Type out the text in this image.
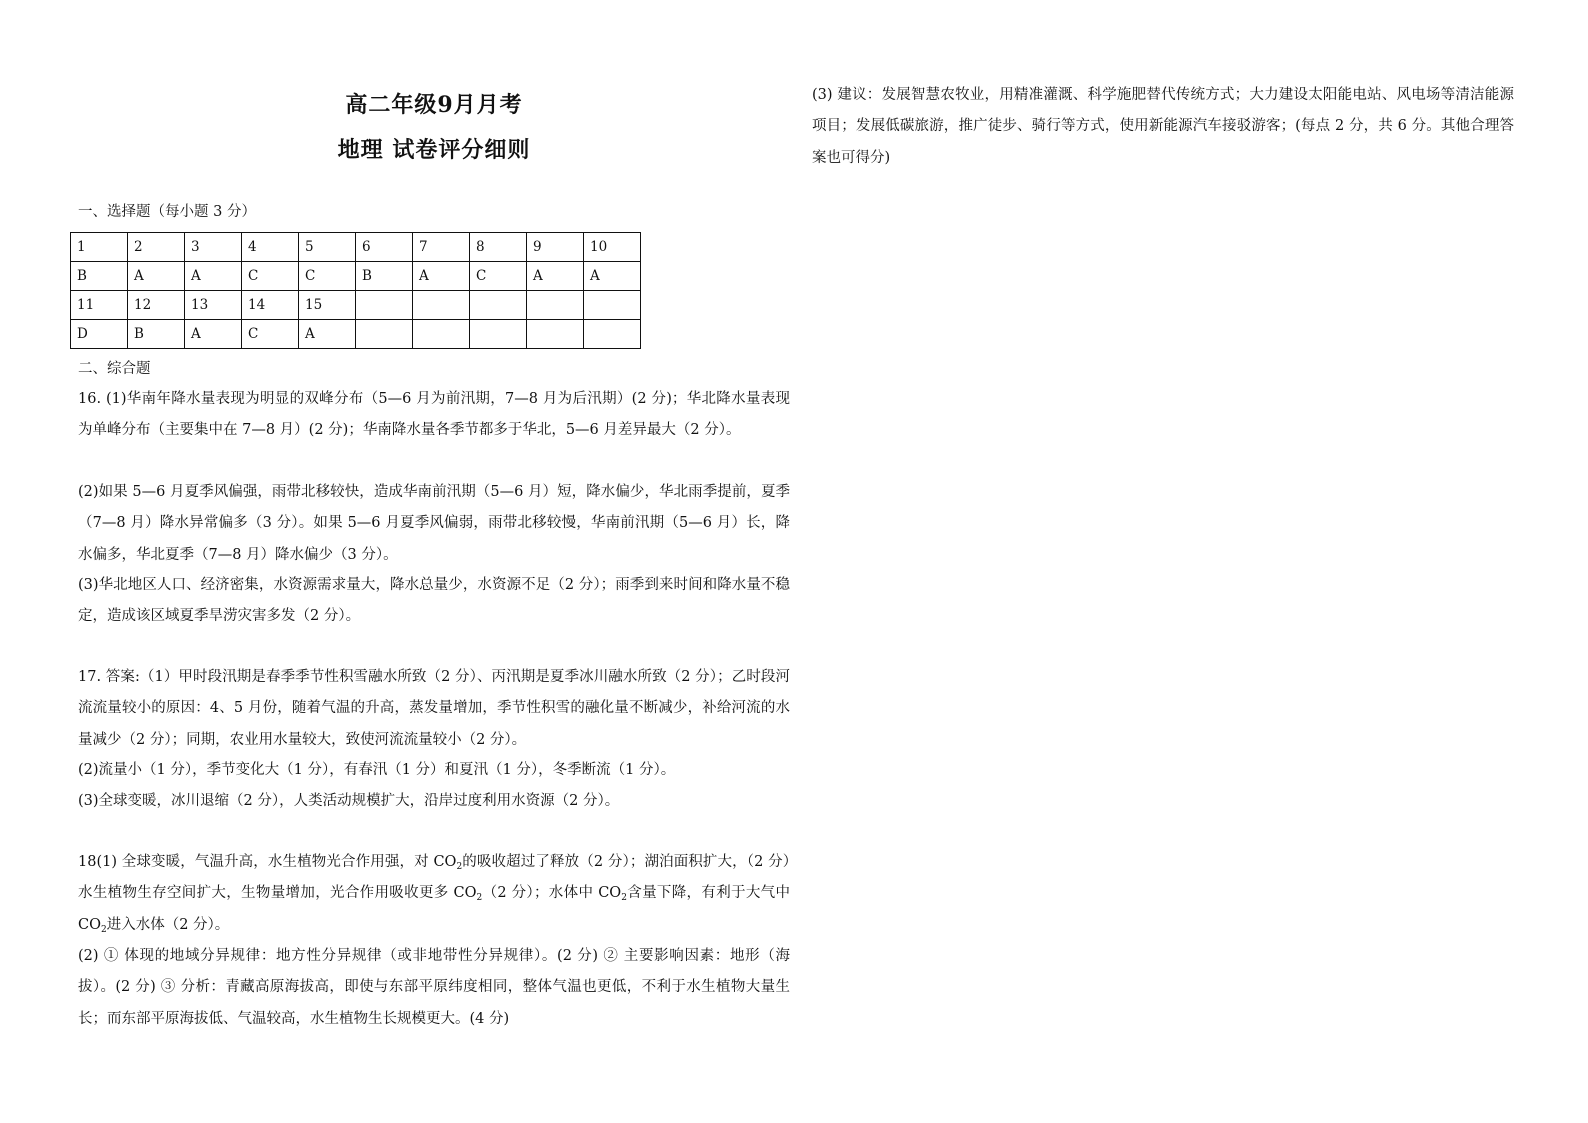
高二年级9月月考
地理 试卷评分细则
一、选择题（每小题 3 分）
1	2	3	4	5	6	7	8	9	10
B	A	A	C	C	B	A	C	A	A
11	12	13	14	15					
D	B	A	C	A					
二、综合题
16. (1)华南年降水量表现为明显的双峰分布（5—6 月为前汛期，7—8 月为后汛期）(2 分)；华北降水量表现为单峰分布（主要集中在 7—8 月）(2 分)；华南降水量各季节都多于华北，5—6 月差异最大（2 分）。
(2)如果 5—6 月夏季风偏强，雨带北移较快，造成华南前汛期（5—6 月）短，降水偏少，华北雨季提前，夏季（7—8 月）降水异常偏多（3 分）。如果 5—6 月夏季风偏弱，雨带北移较慢，华南前汛期（5—6 月）长，降水偏多，华北夏季（7—8 月）降水偏少（3 分）。
(3)华北地区人口、经济密集，水资源需求量大，降水总量少，水资源不足（2 分）；雨季到来时间和降水量不稳定，造成该区域夏季旱涝灾害多发（2 分）。
17. 答案:（1）甲时段汛期是春季季节性积雪融水所致（2 分）、丙汛期是夏季冰川融水所致（2 分）；乙时段河流流量较小的原因：4、5 月份，随着气温的升高，蒸发量增加，季节性积雪的融化量不断减少，补给河流的水量减少（2 分）；同期，农业用水量较大，致使河流流量较小（2 分）。
(2)流量小（1 分），季节变化大（1 分），有春汛（1 分）和夏汛（1 分），冬季断流（1 分）。
(3)全球变暖，冰川退缩（2 分），人类活动规模扩大，沿岸过度利用水资源（2 分）。
18(1) 全球变暖，气温升高，水生植物光合作用强，对 $CO_2$的吸收超过了释放（2 分）；湖泊面积扩大，（2 分）水生植物生存空间扩大，生物量增加，光合作用吸收更多 $CO_2(2$ 分）；水体中 $CO_2$含量下降，有利于大气中 $CO_2$进入水体（2 分）。
(2) ① 体现的地域分异规律：地方性分异规律（或非地带性分异规律）。(2 分) ② 主要影响因素：地形（海拔）。(2 分) ③ 分析：青藏高原海拔高，即使与东部平原纬度相同，整体气温也更低，不利于水生植物大量生长；而东部平原海拔低、气温较高，水生植物生长规模更大。(4 分)
(3) 建议：发展智慧农牧业，用精准灌溉、科学施肥替代传统方式；大力建设太阳能电站、风电场等清洁能源项目；发展低碳旅游，推广徒步、骑行等方式，使用新能源汽车接驳游客；(每点 2 分，共 6 分。其他合理答案也可得分)
